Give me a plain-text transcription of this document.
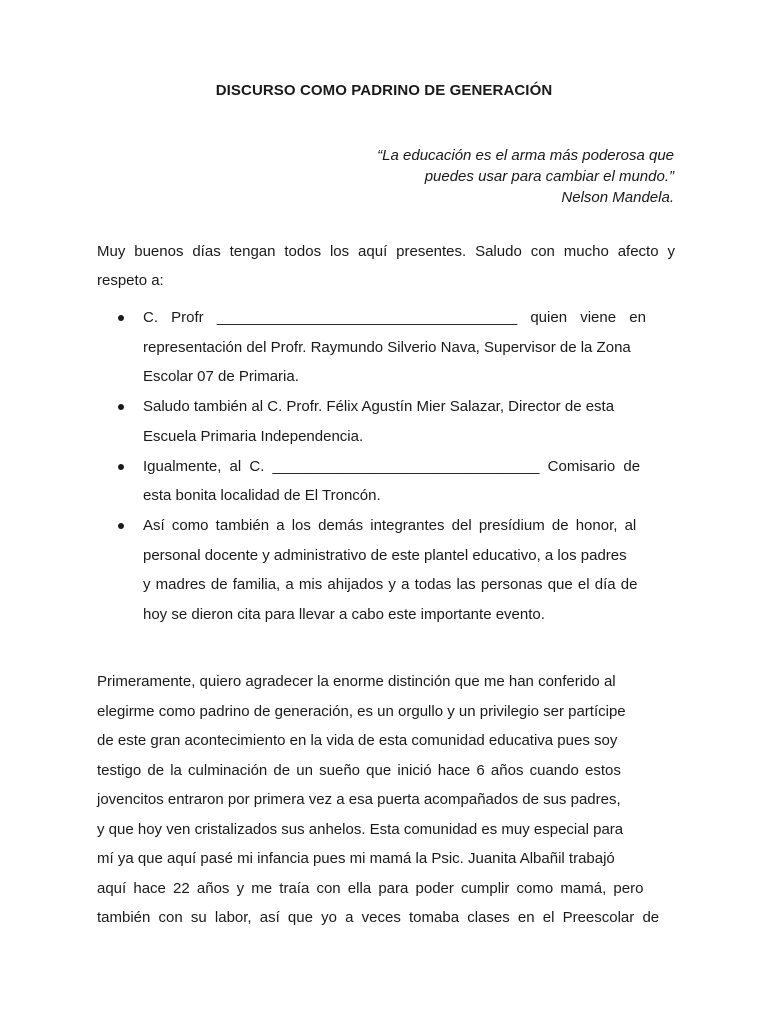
DISCURSO COMO PADRINO DE GENERACIÓN
“La educación es el arma más poderosa que
puedes usar para cambiar el mundo.”
Nelson Mandela.
Muy buenos días tengan todos los aquí presentes. Saludo con mucho afecto y
respeto a:
C. Profr ____________________________________ quien viene en
representación del Profr. Raymundo Silverio Nava, Supervisor de la Zona
Escolar 07 de Primaria.
Saludo también al C. Profr. Félix Agustín Mier Salazar, Director de esta
Escuela Primaria Independencia.
Igualmente, al C. ________________________________ Comisario de
esta bonita localidad de El Troncón.
Así como también a los demás integrantes del presídium de honor, al
personal docente y administrativo de este plantel educativo, a los padres
y madres de familia, a mis ahijados y a todas las personas que el día de
hoy se dieron cita para llevar a cabo este importante evento.
Primeramente, quiero agradecer la enorme distinción que me han conferido al
elegirme como padrino de generación, es un orgullo y un privilegio ser partícipe
de este gran acontecimiento en la vida de esta comunidad educativa pues soy
testigo de la culminación de un sueño que inició hace 6 años cuando estos
jovencitos entraron por primera vez a esa puerta acompañados de sus padres,
y que hoy ven cristalizados sus anhelos. Esta comunidad es muy especial para
mí ya que aquí pasé mi infancia pues mi mamá la Psic. Juanita Albañil trabajó
aquí hace 22 años y me traía con ella para poder cumplir como mamá, pero
también con su labor, así que yo a veces tomaba clases en el Preescolar de
